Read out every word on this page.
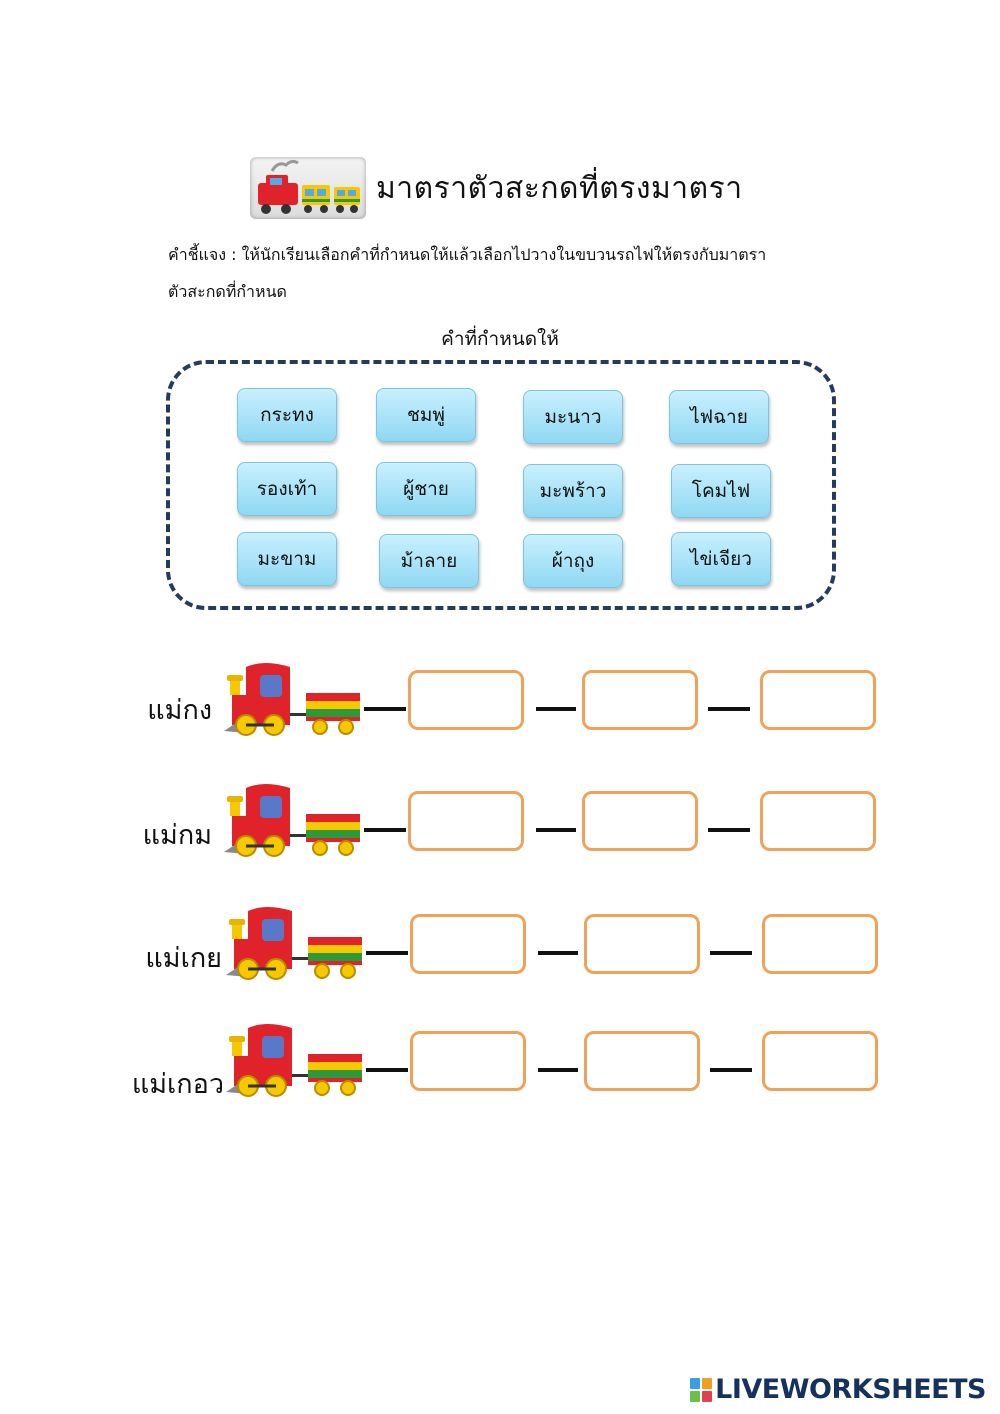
มาตราตัวสะกดที่ตรงมาตรา
คำชี้แจง : ให้นักเรียนเลือกคำที่กำหนดให้แล้วเลือกไปวางในขบวนรถไฟให้ตรงกับมาตรา
ตัวสะกดที่กำหนด
คำที่กำหนดให้
กระทง	ชมพู่	มะนาว	ไฟฉาย
รองเท้า	ผู้ชาย	มะพร้าว	โคมไฟ
มะขาม	ม้าลาย	ผ้าถุง	ไข่เจียว
แม่กง
แม่กม
แม่เกย
แม่เกอว
LIVEWORKSHEETS
